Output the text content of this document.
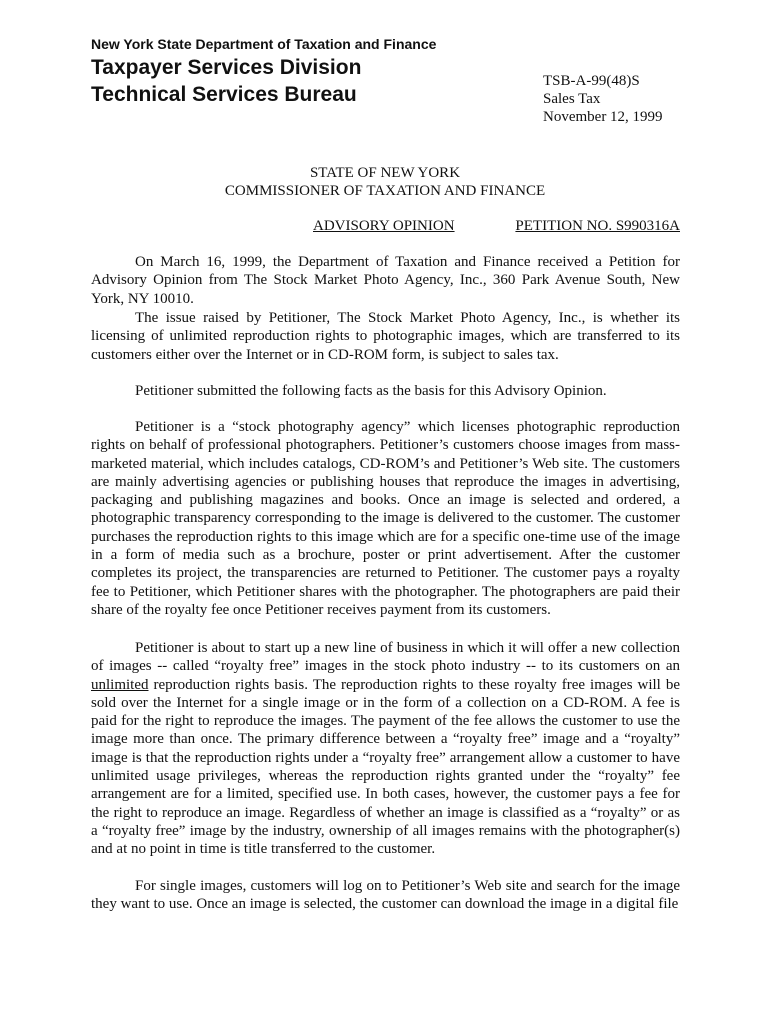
New York State Department of Taxation and Finance
Taxpayer Services Division
Technical Services Bureau
TSB-A-99(48)S
Sales Tax
November 12, 1999
STATE OF NEW YORK
COMMISSIONER OF TAXATION AND FINANCE
ADVISORY OPINION	PETITION NO. S990316A

On March 16, 1999, the Department of Taxation and Finance received a Petition for Advisory Opinion from The Stock Market Photo Agency, Inc., 360 Park Avenue South, New York, NY 10010.

The issue raised by Petitioner, The Stock Market Photo Agency, Inc., is whether its licensing of unlimited reproduction rights to photographic images, which are transferred to its customers either over the Internet or in CD-ROM form, is subject to sales tax.

Petitioner submitted the following facts as the basis for this Advisory Opinion.

Petitioner is a “stock photography agency” which licenses photographic reproduction rights on behalf of professional photographers. Petitioner’s customers choose images from mass-marketed material, which includes catalogs, CD-ROM’s and Petitioner’s Web site. The customers are mainly advertising agencies or publishing houses that reproduce the images in advertising, packaging and publishing magazines and books. Once an image is selected and ordered, a photographic transparency corresponding to the image is delivered to the customer. The customer purchases the reproduction rights to this image which are for a specific one-time use of the image in a form of media such as a brochure, poster or print advertisement. After the customer completes its project, the transparencies are returned to Petitioner. The customer pays a royalty fee to Petitioner, which Petitioner shares with the photographer. The photographers are paid their share of the royalty fee once Petitioner receives payment from its customers.

Petitioner is about to start up a new line of business in which it will offer a new collection of images -- called “royalty free” images in the stock photo industry -- to its customers on an unlimited reproduction rights basis. The reproduction rights to these royalty free images will be sold over the Internet for a single image or in the form of a collection on a CD-ROM. A fee is paid for the right to reproduce the images. The payment of the fee allows the customer to use the image more than once. The primary difference between a “royalty free” image and a “royalty” image is that the reproduction rights under a “royalty free” arrangement allow a customer to have unlimited usage privileges, whereas the reproduction rights granted under the “royalty” fee arrangement are for a limited, specified use. In both cases, however, the customer pays a fee for the right to reproduce an image. Regardless of whether an image is classified as a “royalty” or as a “royalty free” image by the industry, ownership of all images remains with the photographer(s) and at no point in time is title transferred to the customer.

For single images, customers will log on to Petitioner’s Web site and search for the image they want to use. Once an image is selected, the customer can download the image in a digital file
